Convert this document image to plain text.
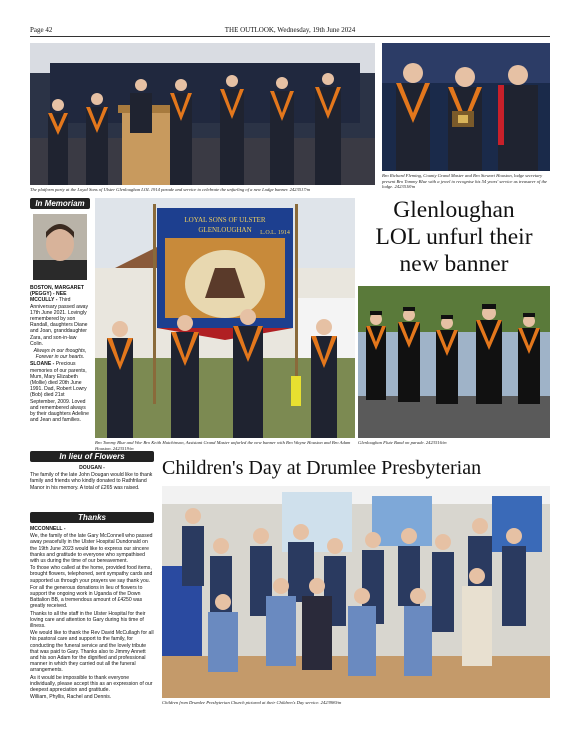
Page 42	THE OUTLOOK, Wednesday, 19th June 2024
The platform party at the Loyal Sons of Ulster Glenloughan LOL 1914 parade and service to celebrate the unfurling of a new Lodge banner. 2423517/m
Bro Richard Fleming, County Grand Master and Bro Stewart Houston, lodge secretary present Bro Tommy Blue with a jewel to recognise his 54 years' service as treasurer of the lodge. 2423518/m
In Memoriam

BOSTON, MARGARET (PEGGY) - NEE MCCULLY - Third Anniversary passed away 17th June 2021. Lovingly remembered by son Randall, daughters Diane and Joan, granddaughter Zara, and son-in-law Colin.

Always in our thoughts, Forever in our hearts.

SLOANE - Precious memories of our parents, Mum, Mary Elizabeth (Mollie) died 20th June 1991. Dad, Robert Lowry (Bob) died 21st September, 2009. Loved and remembered always by their daughters Adeline and Jean and families.

LOYAL SONS OF ULSTER
GLENLOUGHAN L.O.L. 1914
Bro Tommy Blue and Wor Bro Keith Hutchinson, Assistant Grand Master unfurled the new banner with Bro Wayne Houston and Bro Adam Houston. 2423519/m
Glenloughan
LOL unfurl their
new banner
Glenloughan Flute Band on parade. 2423516/m
In lieu of Flowers

DOUGAN -

The family of the late John Dougan would like to thank family and friends who kindly donated to Rathfriland Manor in his memory. A total of £265 was raised.

Thanks

MCCONNELL -

We, the family of the late Gary McConnell who passed away peacefully in the Ulster Hospital Dundonald on the 19th June 2023 would like to express our sincere thanks and gratitude to everyone who sympathised with us during the time of our bereavement.

To those who called at the home, provided food items, brought flowers, telephoned, sent sympathy cards and supported us through your prayers we say thank you.

For all the generous donations in lieu of flowers to support the ongoing work in Uganda of the Down Battalion BB, a tremendous amount of £4250 was greatly received.

Thanks to all the staff in the Ulster Hospital for their loving care and attention to Gary during his time of illness.

We would like to thank the Rev David McCullagh for all his pastoral care and support to the family, for conducting the funeral service and the lovely tribute that was paid to Gary. Thanks also to Jimmy Annett and his son Adam for the dignified and professional manner in which they carried out all the funeral arrangements.

As it would be impossible to thank everyone individually, please accept this as an expression of our deepest appreciation and gratitude.

William, Phyllis, Rachel and Dennis.

Children's Day at Drumlee Presbyterian
Children from Drumlee Presbyterian Church pictured at their Children's Day service. 2423980/m
